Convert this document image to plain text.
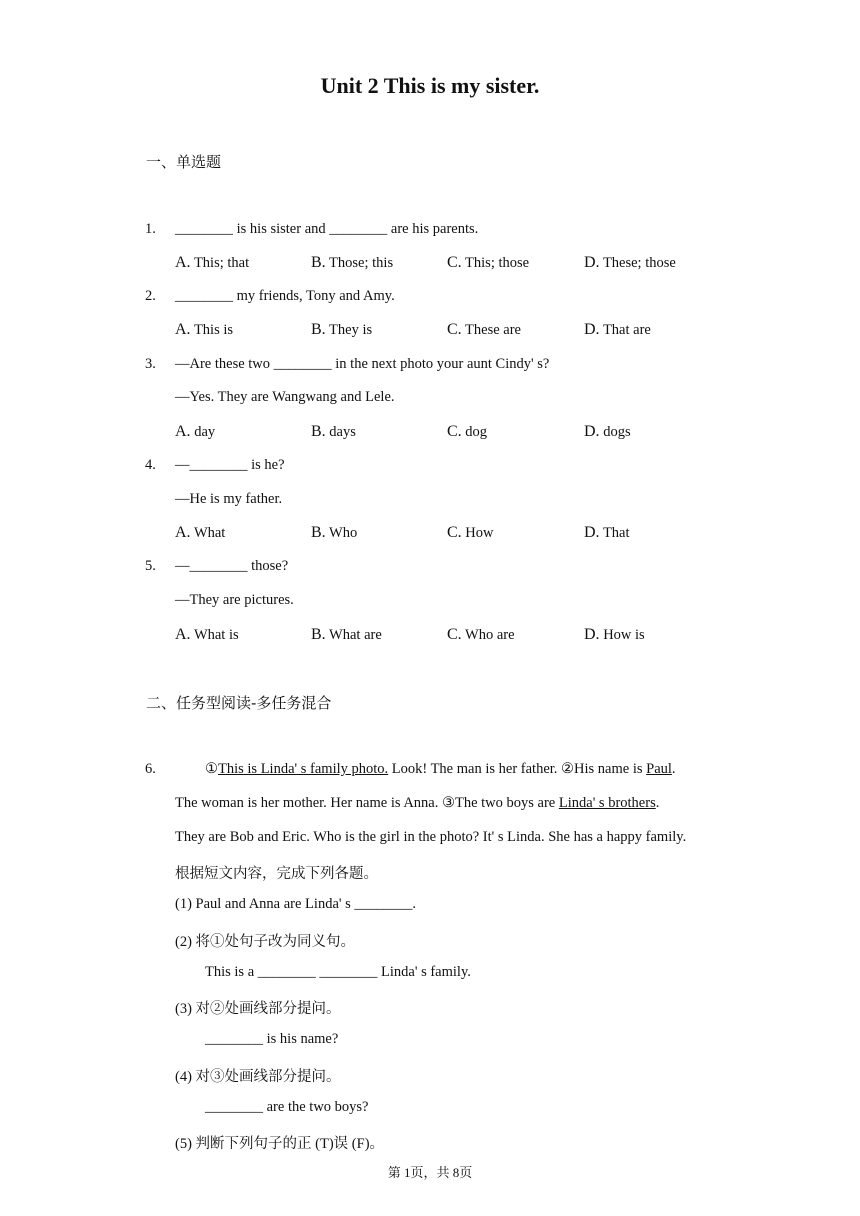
Unit 2 This is my sister.
一、单选题
1. ________ is his sister and ________ are his parents.
A. This; that	B. Those; this	C. This; those	D. These; those
2. ________ my friends, Tony and Amy.
A. This is	B. They is	C. These are	D. That are
3. —Are these two ________ in the next photo your aunt Cindy' s?
—Yes. They are Wangwang and Lele.
A. day	B. days	C. dog	D. dogs
4. —________ is he?
—He is my father.
A. What	B. Who	C. How	D. That
5. —________ those?
—They are pictures.
A. What is	B. What are	C. Who are	D. How is
二、任务型阅读-多任务混合
6.	①This is Linda' s family photo. Look! The man is her father. ②His name is Paul.
The woman is her mother. Her name is Anna. ③The two boys are Linda' s brothers.
They are Bob and Eric. Who is the girl in the photo? It' s Linda. She has a happy family.
根据短文内容，完成下列各题。
(1) Paul and Anna are Linda' s ________.
(2) 将①处句子改为同义句。
This is a ________ ________ Linda' s family.
(3) 对②处画线部分提问。
________ is his name?
(4) 对③处画线部分提问。
________ are the two boys?
(5) 判断下列句子的正 (T)误 (F)。
第 1页，共 8页
